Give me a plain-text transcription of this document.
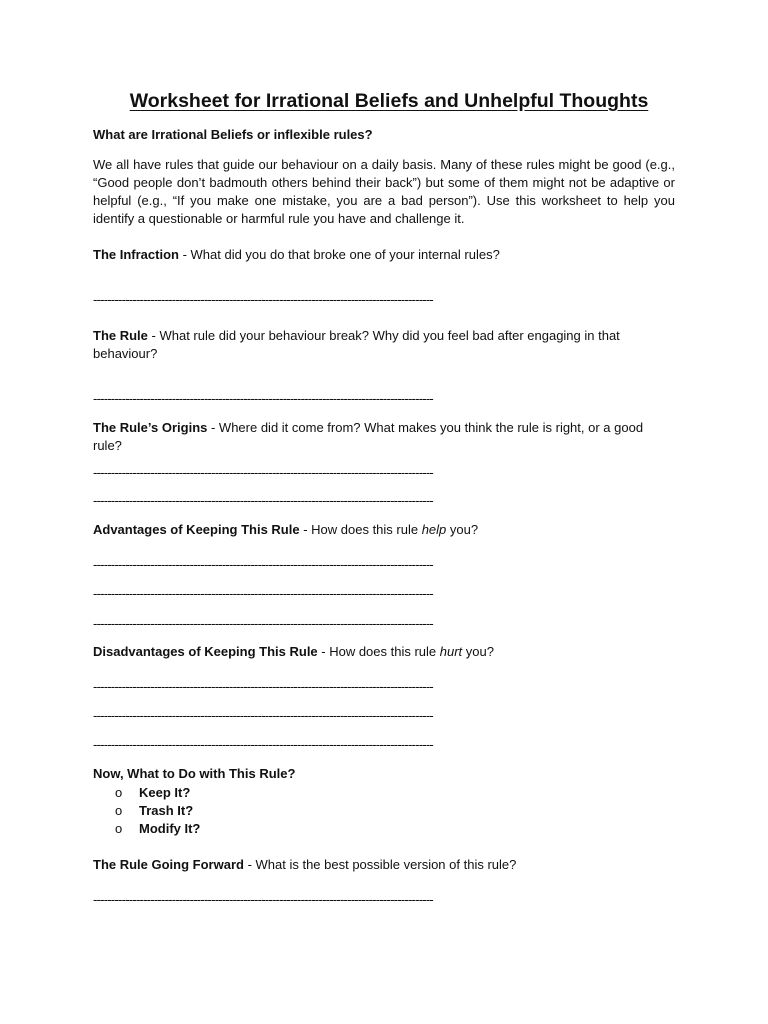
Worksheet for Irrational Beliefs and Unhelpful Thoughts
What are Irrational Beliefs or inflexible rules?
We all have rules that guide our behaviour on a daily basis. Many of these rules might be good (e.g., “Good people don’t badmouth others behind their back”) but some of them might not be adaptive or helpful (e.g., “If you make one mistake, you are a bad person”). Use this worksheet to help you identify a questionable or harmful rule you have and challenge it.
The Infraction - What did you do that broke one of your internal rules?
-----------------------------------------------------------------------------------------------
The Rule - What rule did your behaviour break? Why did you feel bad after engaging in that behaviour?
-----------------------------------------------------------------------------------------------
The Rule’s Origins - Where did it come from? What makes you think the rule is right, or a good rule?
-----------------------------------------------------------------------------------------------
-----------------------------------------------------------------------------------------------
Advantages of Keeping This Rule - How does this rule help you?
-----------------------------------------------------------------------------------------------
-----------------------------------------------------------------------------------------------
-----------------------------------------------------------------------------------------------
Disadvantages of Keeping This Rule - How does this rule hurt you?
-----------------------------------------------------------------------------------------------
-----------------------------------------------------------------------------------------------
-----------------------------------------------------------------------------------------------
Now, What to Do with This Rule?
o Keep It?
o Trash It?
o Modify It?
The Rule Going Forward - What is the best possible version of this rule?
-----------------------------------------------------------------------------------------------
